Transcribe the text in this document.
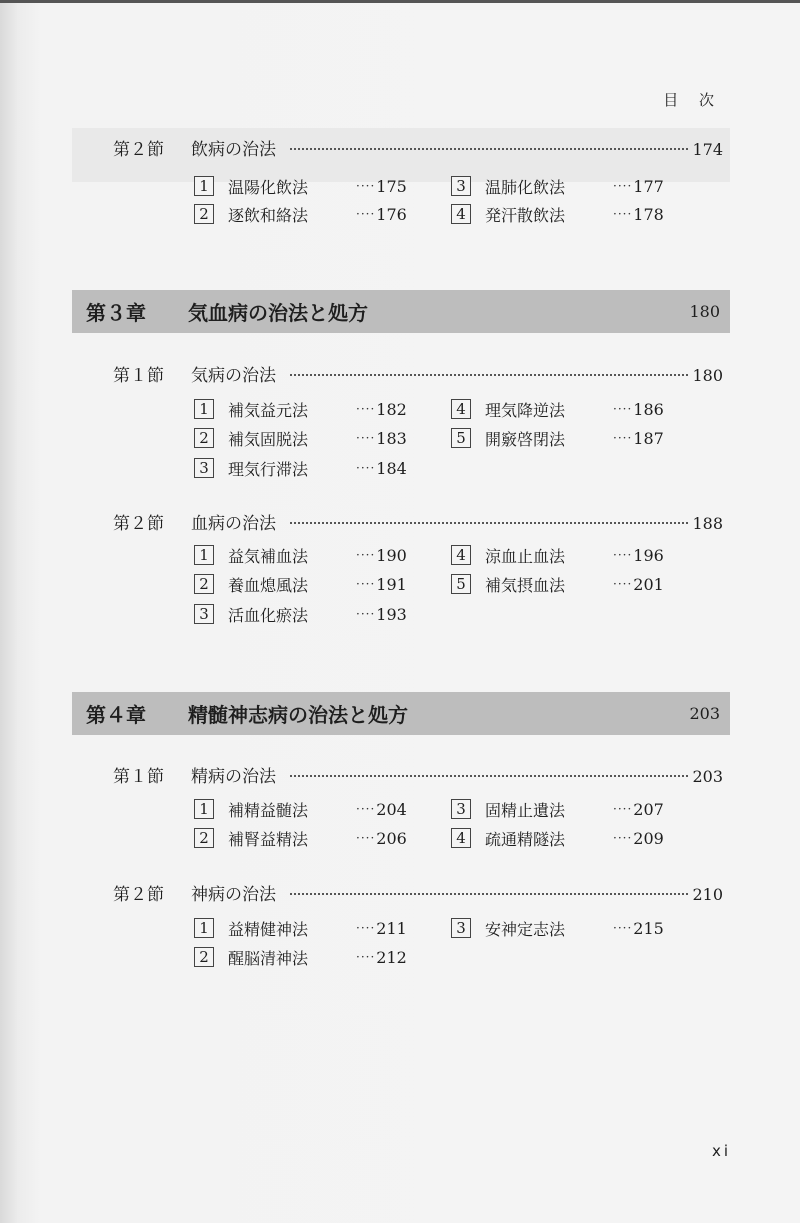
目 次
第２節	飲病の治法	174
1	温陽化飲法	···· 175
2	逐飲和絡法	···· 176
3	温肺化飲法	···· 177
4	発汗散飲法	···· 178
第３章	気血病の治法と処方	180
第１節	気病の治法	180
1	補気益元法	···· 182
2	補気固脱法	···· 183
3	理気行滞法	···· 184
4	理気降逆法	···· 186
5	開竅啓閉法	···· 187
第２節	血病の治法	188
1	益気補血法	···· 190
2	養血熄風法	···· 191
3	活血化瘀法	···· 193
4	涼血止血法	···· 196
5	補気摂血法	···· 201
第４章	精髄神志病の治法と処方	203
第１節	精病の治法	203
1	補精益髄法	···· 204
2	補腎益精法	···· 206
3	固精止遺法	···· 207
4	疏通精隧法	···· 209
第２節	神病の治法	210
1	益精健神法	···· 211
2	醒脳清神法	···· 212
3	安神定志法	···· 215
xi
